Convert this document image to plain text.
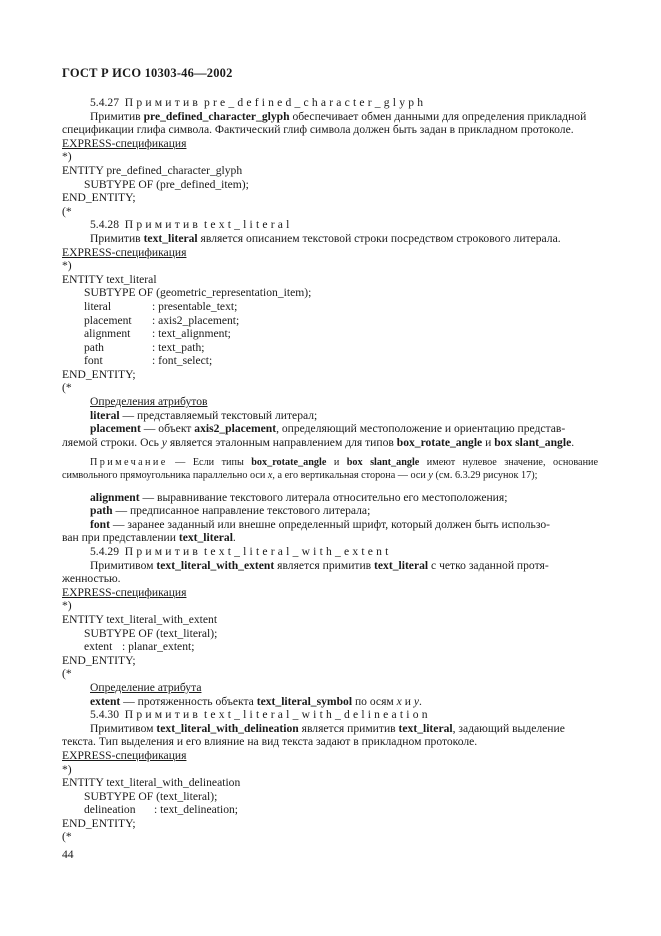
ГОСТ Р ИСО 10303-46—2002
5.4.27 Примитив pre_defined_character_glyph
Примитив pre_defined_character_glyph обеспечивает обмен данными для определения прикладной
спецификации глифа символа. Фактический глиф символа должен быть задан в прикладном протоколе.
EXPRESS-спецификация
*)
ENTITY pre_defined_character_glyph
SUBTYPE OF (pre_defined_item);
END_ENTITY;
(*
5.4.28 Примитив text_literal
Примитив text_literal является описанием текстовой строки посредством строкового литерала.
EXPRESS-спецификация
*)
ENTITY text_literal
SUBTYPE OF (geometric_representation_item);
literal	: presentable_text;
placement : axis2_placement;
alignment : text_alignment;
path	: text_path;
font	: font_select;
END_ENTITY;
(*
Определения атрибутов
literal — представляемый текстовый литерал;
placement — объект axis2_placement, определяющий местоположение и ориентацию представ-
ляемой строки. Ось y является эталонным направлением для типов box_rotate_angle и box slant_angle.
Примечание — Если типы box_rotate_angle и box slant_angle имеют нулевое значение, основание символьного прямоугольника параллельно оси x, а его вертикальная сторона — оси y (см. 6.3.29 рисунок 17);
alignment — выравнивание текстового литерала относительно его местоположения;
path — предписанное направление текстового литерала;
font — заранее заданный или внешне определенный шрифт, который должен быть использо-
ван при представлении text_literal.
5.4.29 Примитив text_literal_with_extent
Примитивом text_literal_with_extent является примитив text_literal с четко заданной протя-
женностью.
EXPRESS-спецификация
*)
ENTITY text_literal_with_extent
SUBTYPE OF (text_literal);
extent : planar_extent;
END_ENTITY;
(*
Определение атрибута
extent — протяженность объекта text_literal_symbol по осям x и y.
5.4.30 Примитив text_literal_with_delineation
Примитивом text_literal_with_delineation является примитив text_literal, задающий выделение
текста. Тип выделения и его влияние на вид текста задают в прикладном протоколе.
EXPRESS-спецификация
*)
ENTITY text_literal_with_delineation
SUBTYPE OF (text_literal);
delineation : text_delineation;
END_ENTITY;
(*
44
